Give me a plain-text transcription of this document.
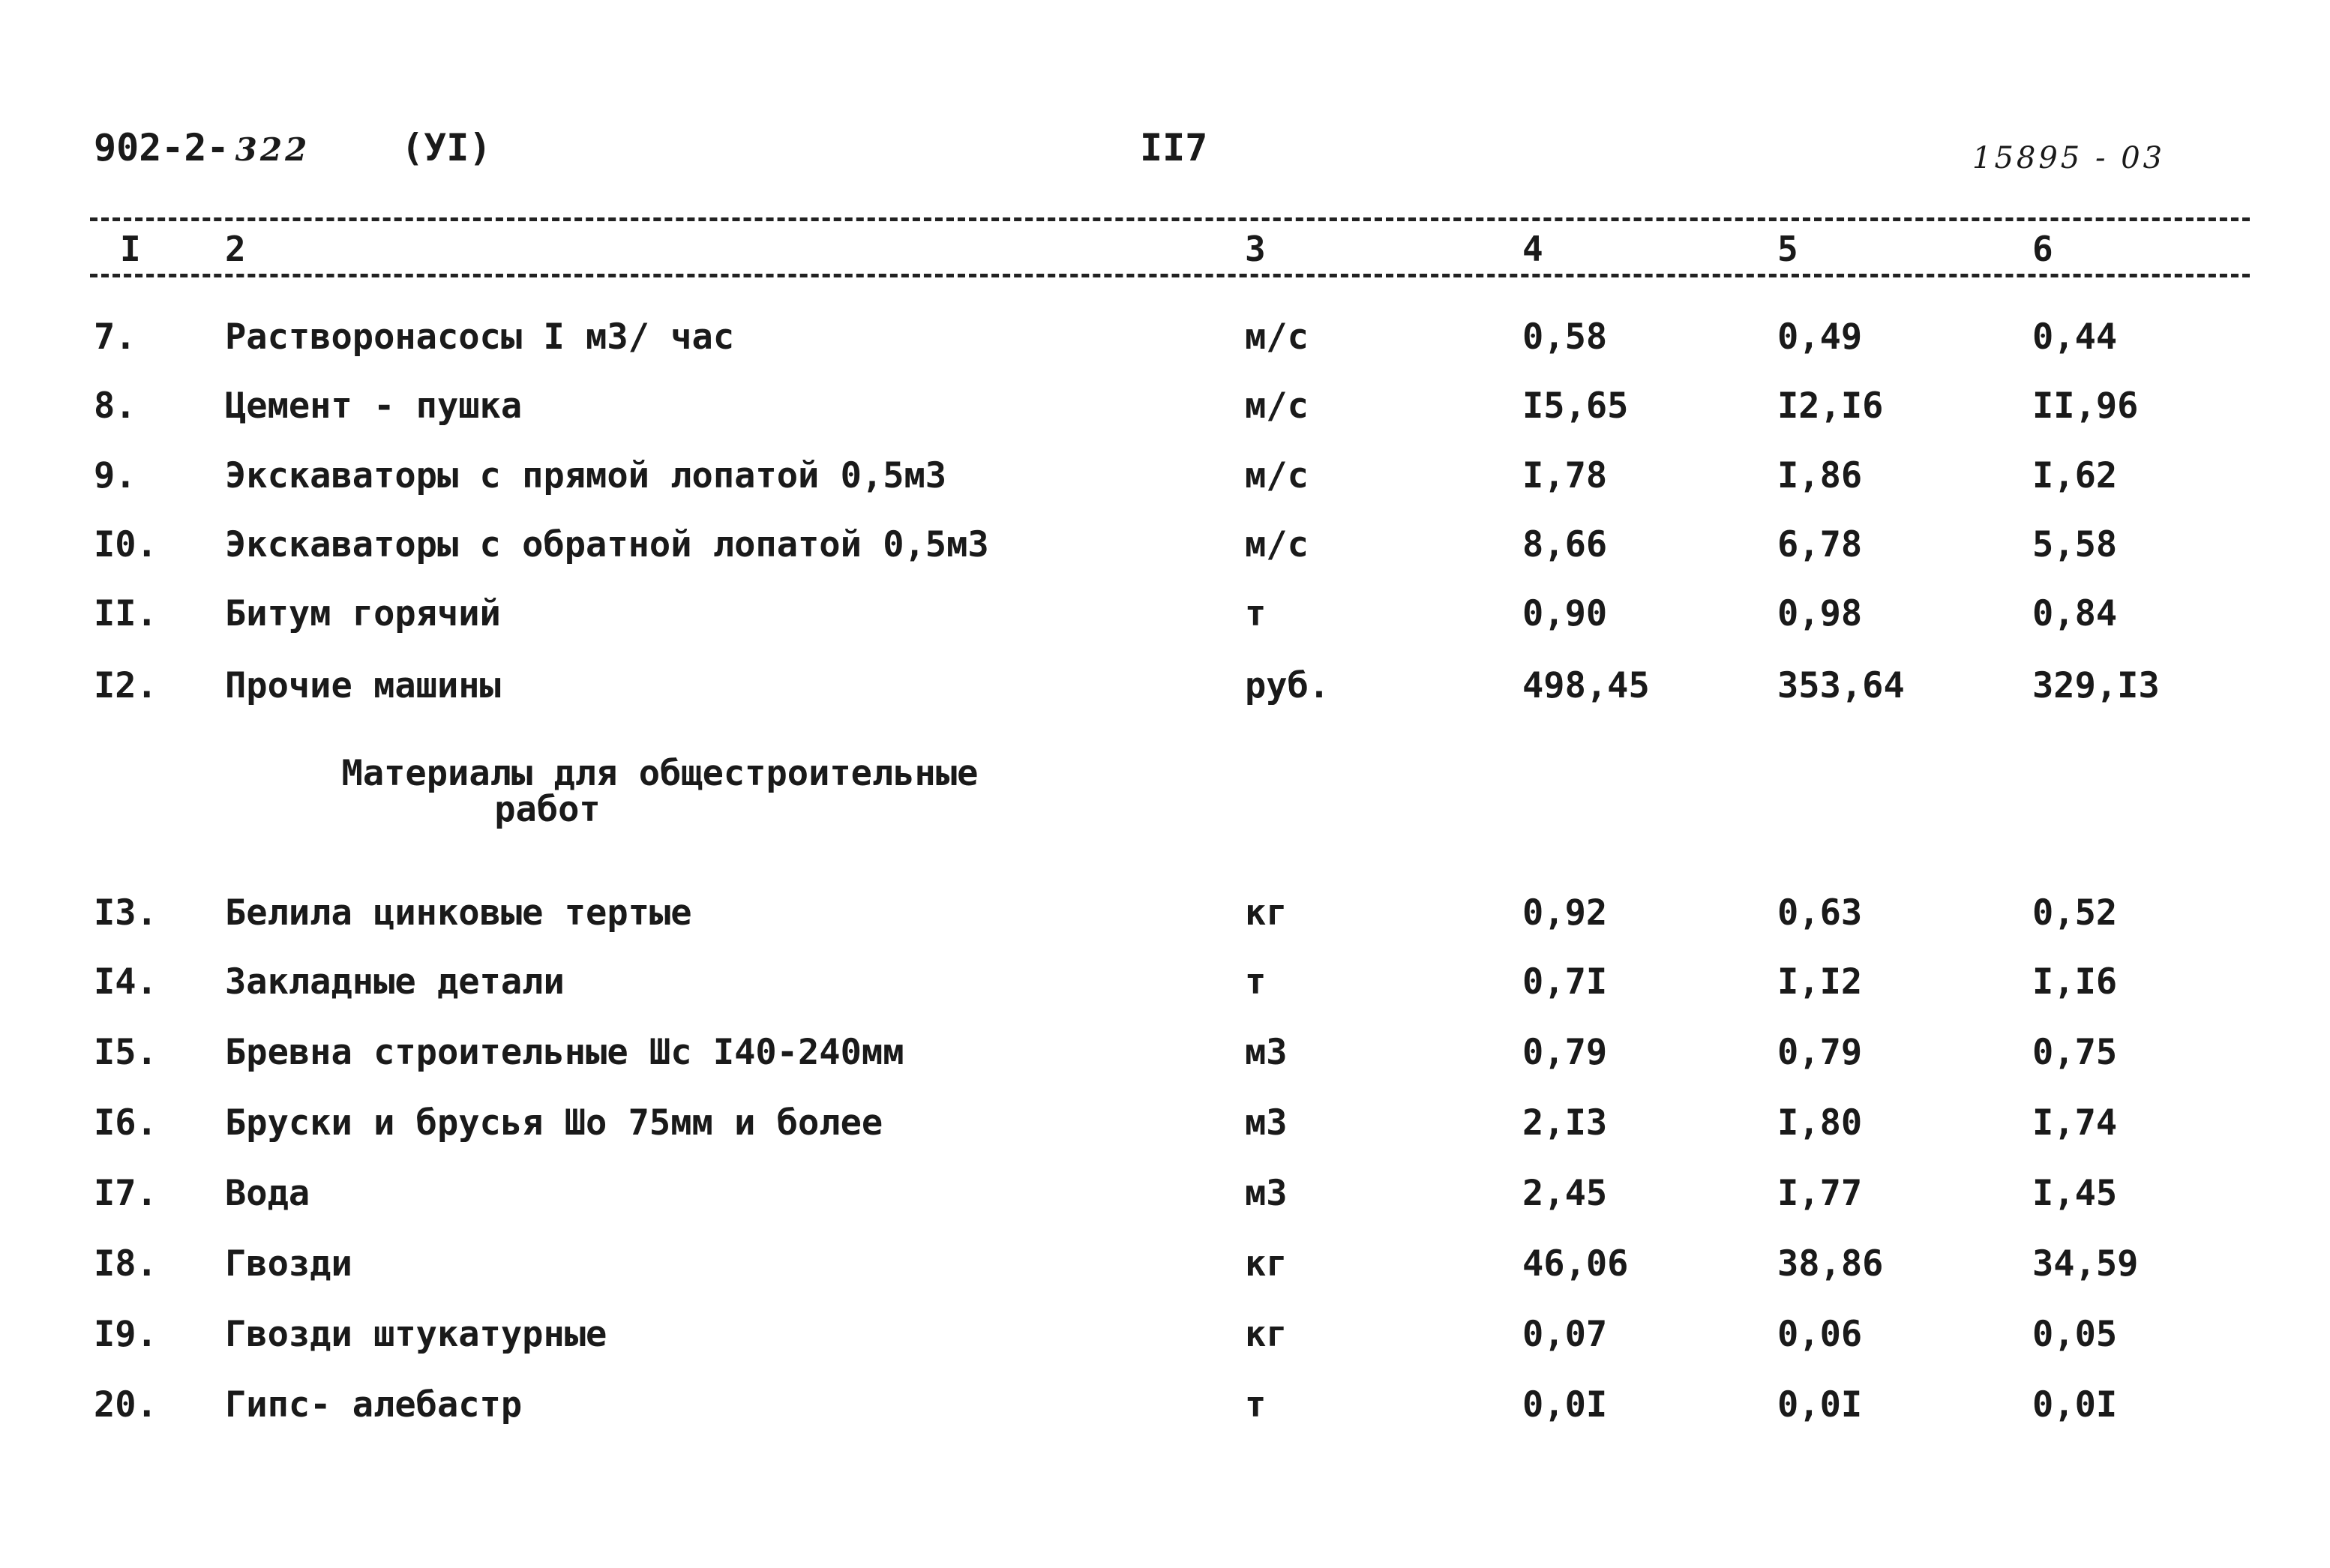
902-2- 322 (УI)	II7	15895 - 03
I 2	3	4	5	6
7.	Растворонасосы I м3/ час	м/с	0,58	0,49	0,44
8.	Цемент - пушка	м/с	I5,65	I2,I6	II,96
9.	Экскаваторы с прямой лопатой 0,5м3	м/с	I,78	I,86	I,62
I0. Экскаваторы с обратной лопатой 0,5м3	м/с	8,66	6,78	5,58
II. Битум горячий	т	0,90	0,98	0,84
I2. Прочие машины	руб.	498,45	353,64	329,I3
Материалы для общестроительные
работ
I3. Белила цинковые тертые	кг	0,92	0,63	0,52
I4. Закладные детали	т	0,7I	I,I2	I,I6
I5. Бревна строительные Шс I40-240мм	м3	0,79	0,79	0,75
I6. Бруски и брусья Шо 75мм и более	м3	2,I3	I,80	I,74
I7. Вода	м3	2,45	I,77	I,45
I8. Гвозди	кг	46,06	38,86	34,59
I9. Гвозди штукатурные	кг	0,07	0,06	0,05
20. Гипс- алебастр	т	0,0I	0,0I	0,0I
